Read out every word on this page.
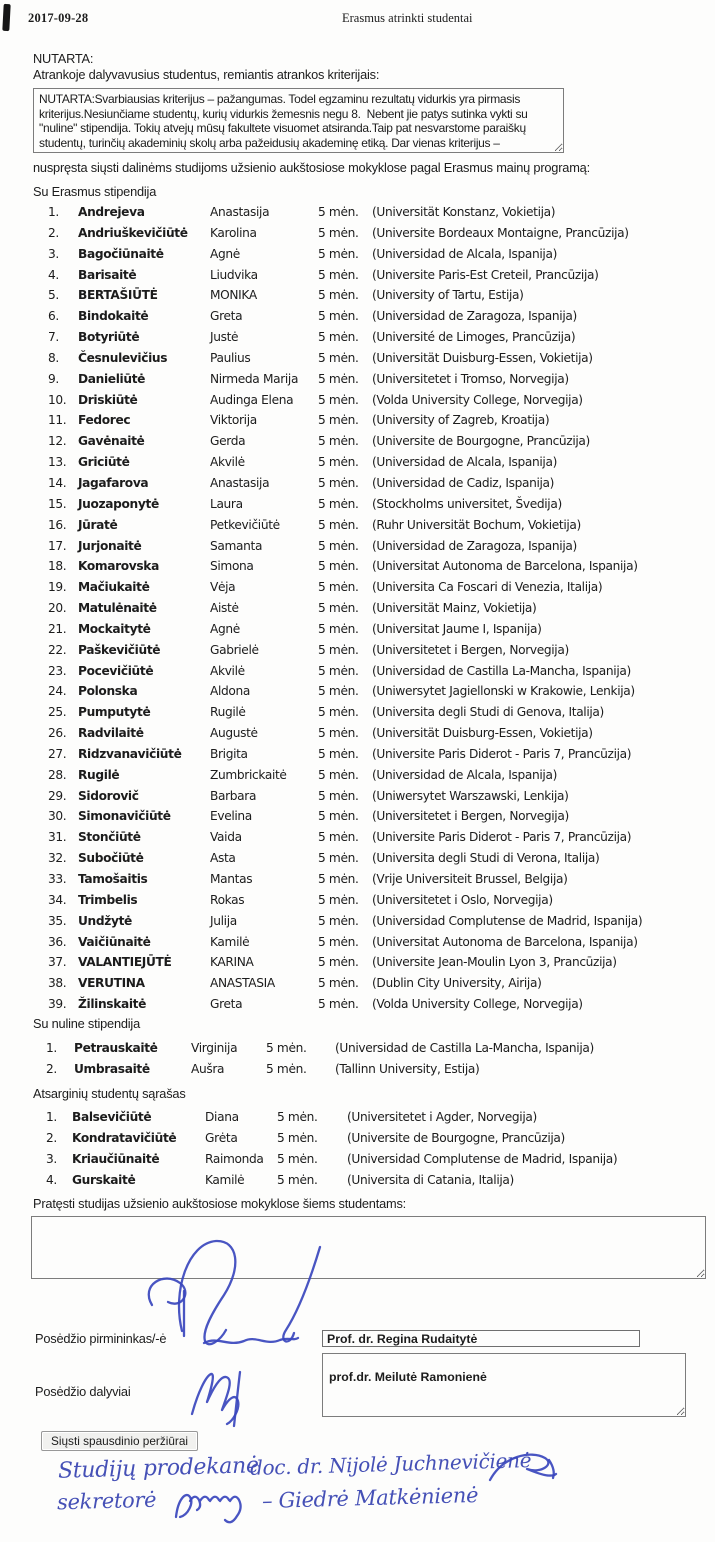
2017-09-28	Erasmus atrinkti studentai
NUTARTA:
Atrankoje dalyvavusius studentus, remiantis atrankos kriterijais:
NUTARTA:Svarbiausias kriterijus – pažangumas. Todel egzaminu rezultatų vidurkis yra pirmasis kriterijus.Nesiunčiame studentų, kurių vidurkis žemesnis negu 8. Nebent jie patys sutinka vykti su "nuline" stipendija. Tokių atvejų mūsų fakultete visuomet atsiranda.Taip pat nesvarstome paraiškų studentų, turinčių akademinių skolų arba pažeidusių akademinę etiką. Dar vienas kriterijus – motyvacija. Kaip
nuspręsta siųsti dalinėms studijoms užsienio aukštosiose mokyklose pagal Erasmus mainų programą:
Su Erasmus stipendija
1.	Andrejeva	Anastasija	5 mėn.	(Universität Konstanz, Vokietija)
2.	Andriuškevičiūtė	Karolina	5 mėn.	(Universite Bordeaux Montaigne, Prancūzija)
3.	Bagočiūnaitė	Agnė	5 mėn.	(Universidad de Alcala, Ispanija)
4.	Barisaitė	Liudvika	5 mėn.	(Universite Paris-Est Creteil, Prancūzija)
5.	BERTAŠIŪTĖ	MONIKA	5 mėn.	(University of Tartu, Estija)
6.	Bindokaitė	Greta	5 mėn.	(Universidad de Zaragoza, Ispanija)
7.	Botyriūtė	Justė	5 mėn.	(Université de Limoges, Prancūzija)
8.	Česnulevičius	Paulius	5 mėn.	(Universität Duisburg-Essen, Vokietija)
9.	Danieliūtė	Nirmeda Marija	5 mėn.	(Universitetet i Tromso, Norvegija)
10. Driskiūtė	Audinga Elena	5 mėn.	(Volda University College, Norvegija)
11. Fedorec	Viktorija	5 mėn.	(University of Zagreb, Kroatija)
12. Gavėnaitė	Gerda	5 mėn.	(Universite de Bourgogne, Prancūzija)
13. Griciūtė	Akvilė	5 mėn.	(Universidad de Alcala, Ispanija)
14. Jagafarova	Anastasija	5 mėn.	(Universidad de Cadiz, Ispanija)
15. Juozaponytė	Laura	5 mėn.	(Stockholms universitet, Švedija)
16. Jūratė	Petkevičiūtė	5 mėn.	(Ruhr Universität Bochum, Vokietija)
17. Jurjonaitė	Samanta	5 mėn.	(Universidad de Zaragoza, Ispanija)
18. Komarovska	Simona	5 mėn.	(Universitat Autonoma de Barcelona, Ispanija)
19. Mačiukaitė	Vėja	5 mėn.	(Universita Ca Foscari di Venezia, Italija)
20. Matulėnaitė	Aistė	5 mėn.	(Universität Mainz, Vokietija)
21. Mockaitytė	Agnė	5 mėn.	(Universitat Jaume I, Ispanija)
22. Paškevičiūtė	Gabrielė	5 mėn.	(Universitetet i Bergen, Norvegija)
23. Pocevičiūtė	Akvilė	5 mėn.	(Universidad de Castilla La-Mancha, Ispanija)
24. Polonska	Aldona	5 mėn.	(Uniwersytet Jagiellonski w Krakowie, Lenkija)
25. Pumputytė	Rugilė	5 mėn.	(Universita degli Studi di Genova, Italija)
26. Radvilaitė	Augustė	5 mėn.	(Universität Duisburg-Essen, Vokietija)
27. Ridzvanavičiūtė	Brigita	5 mėn.	(Universite Paris Diderot - Paris 7, Prancūzija)
28. Rugilė	Zumbrickaitė	5 mėn.	(Universidad de Alcala, Ispanija)
29. Sidorovič	Barbara	5 mėn.	(Uniwersytet Warszawski, Lenkija)
30. Simonavičiūtė	Evelina	5 mėn.	(Universitetet i Bergen, Norvegija)
31. Stončiūtė	Vaida	5 mėn.	(Universite Paris Diderot - Paris 7, Prancūzija)
32. Subočiūtė	Asta	5 mėn.	(Universita degli Studi di Verona, Italija)
33. Tamošaitis	Mantas	5 mėn.	(Vrije Universiteit Brussel, Belgija)
34. Trimbelis	Rokas	5 mėn.	(Universitetet i Oslo, Norvegija)
35. Undžytė	Julija	5 mėn.	(Universidad Complutense de Madrid, Ispanija)
36. Vaičiūnaitė	Kamilė	5 mėn.	(Universitat Autonoma de Barcelona, Ispanija)
37. VALANTIEJŪTĖ	KARINA	5 mėn.	(Universite Jean-Moulin Lyon 3, Prancūzija)
38. VERUTINA	ANASTASIA	5 mėn.	(Dublin City University, Airija)
39. Žilinskaitė	Greta	5 mėn.	(Volda University College, Norvegija)
Su nuline stipendija
1.	Petrauskaitė	Virginija	5 mėn.	(Universidad de Castilla La-Mancha, Ispanija)
2.	Umbrasaitė	Aušra	5 mėn.	(Tallinn University, Estija)
Atsarginių studentų sąrašas
1.	Balsevičiūtė	Diana	5 mėn.	(Universitetet i Agder, Norvegija)
2.	Kondratavičiūtė	Grėta	5 mėn.	(Universite de Bourgogne, Prancūzija)
3.	Kriaučiūnaitė	Raimonda	5 mėn.	(Universidad Complutense de Madrid, Ispanija)
4.	Gurskaitė	Kamilė	5 mėn.	(Universita di Catania, Italija)
Pratęsti studijas užsienio aukštosiose mokyklose šiems studentams:
Posėdžio pirmininkas/-ė
Prof. dr. Regina Rudaitytė
Posėdžio dalyviai
prof.dr. Meilutė Ramonienė
Siųsti spausdinio peržiūrai
Studijų prodekanė
doc. dr. Nijolė Juchnevičienė
sekretorė	– Giedrė Matkėnienė
